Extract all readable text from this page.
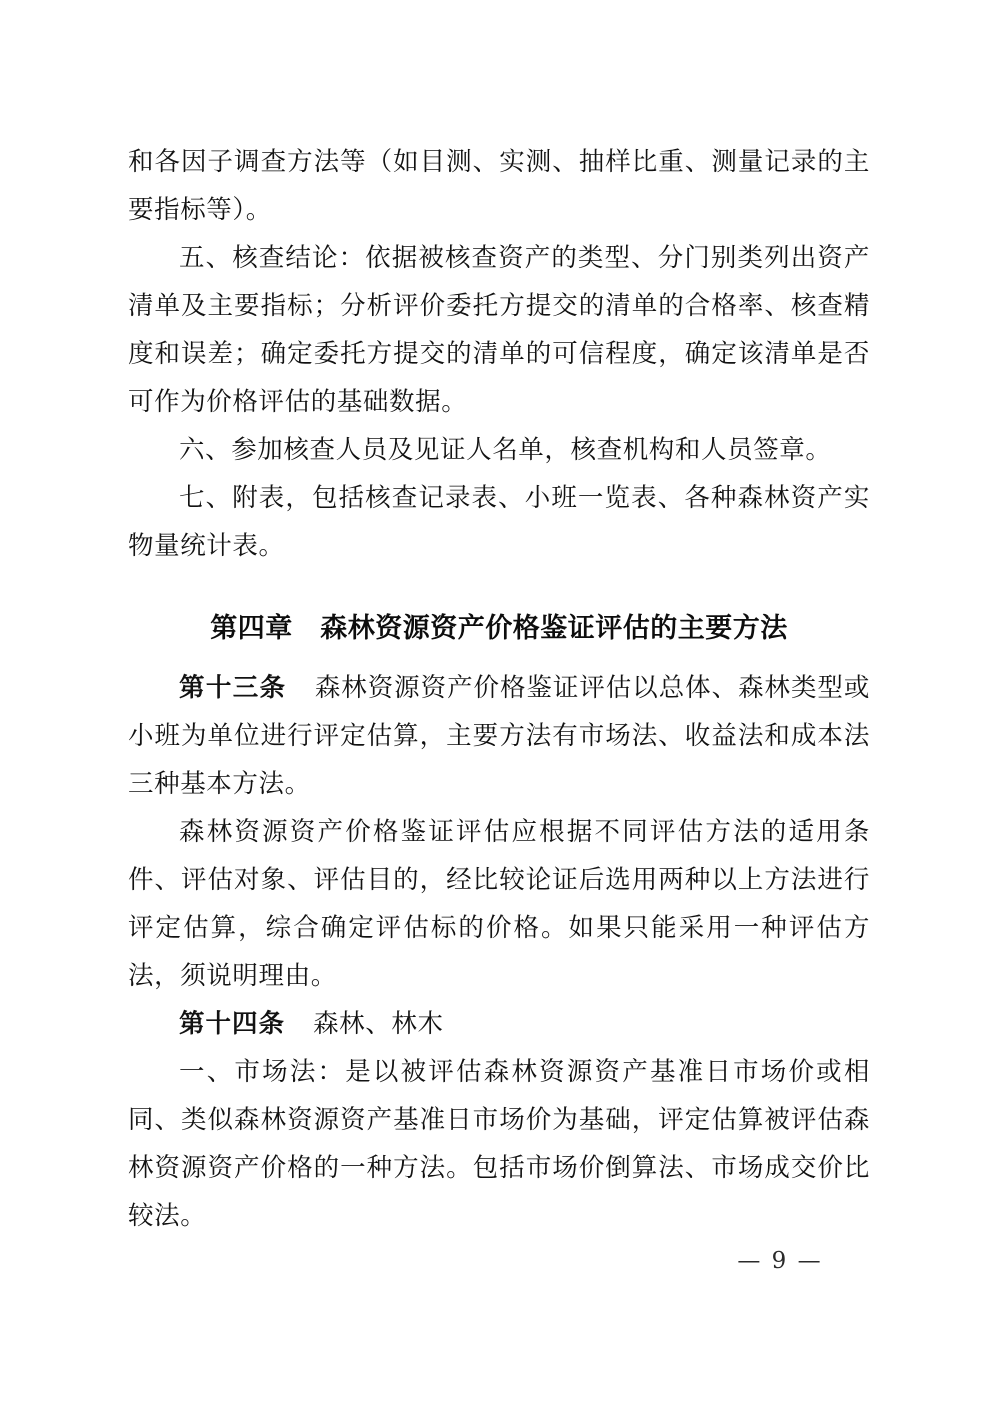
和各因子调查方法等（如目测、实测、抽样比重、测量记录的主要指标等）。

五、核查结论：依据被核查资产的类型、分门别类列出资产清单及主要指标；分析评价委托方提交的清单的合格率、核查精度和误差；确定委托方提交的清单的可信程度，确定该清单是否可作为价格评估的基础数据。

六、参加核查人员及见证人名单，核查机构和人员签章。

七、附表，包括核查记录表、小班一览表、各种森林资产实物量统计表。

第四章　森林资源资产价格鉴证评估的主要方法

第十三条 森林资源资产价格鉴证评估以总体、森林类型或小班为单位进行评定估算，主要方法有市场法、收益法和成本法三种基本方法。

森林资源资产价格鉴证评估应根据不同评估方法的适用条件、评估对象、评估目的，经比较论证后选用两种以上方法进行评定估算，综合确定评估标的价格。如果只能采用一种评估方法，须说明理由。

第十四条 森林、林木

一、市场法：是以被评估森林资源资产基准日市场价或相同、类似森林资源资产基准日市场价为基础，评定估算被评估森林资源资产价格的一种方法。包括市场价倒算法、市场成交价比较法。

— 9 —
